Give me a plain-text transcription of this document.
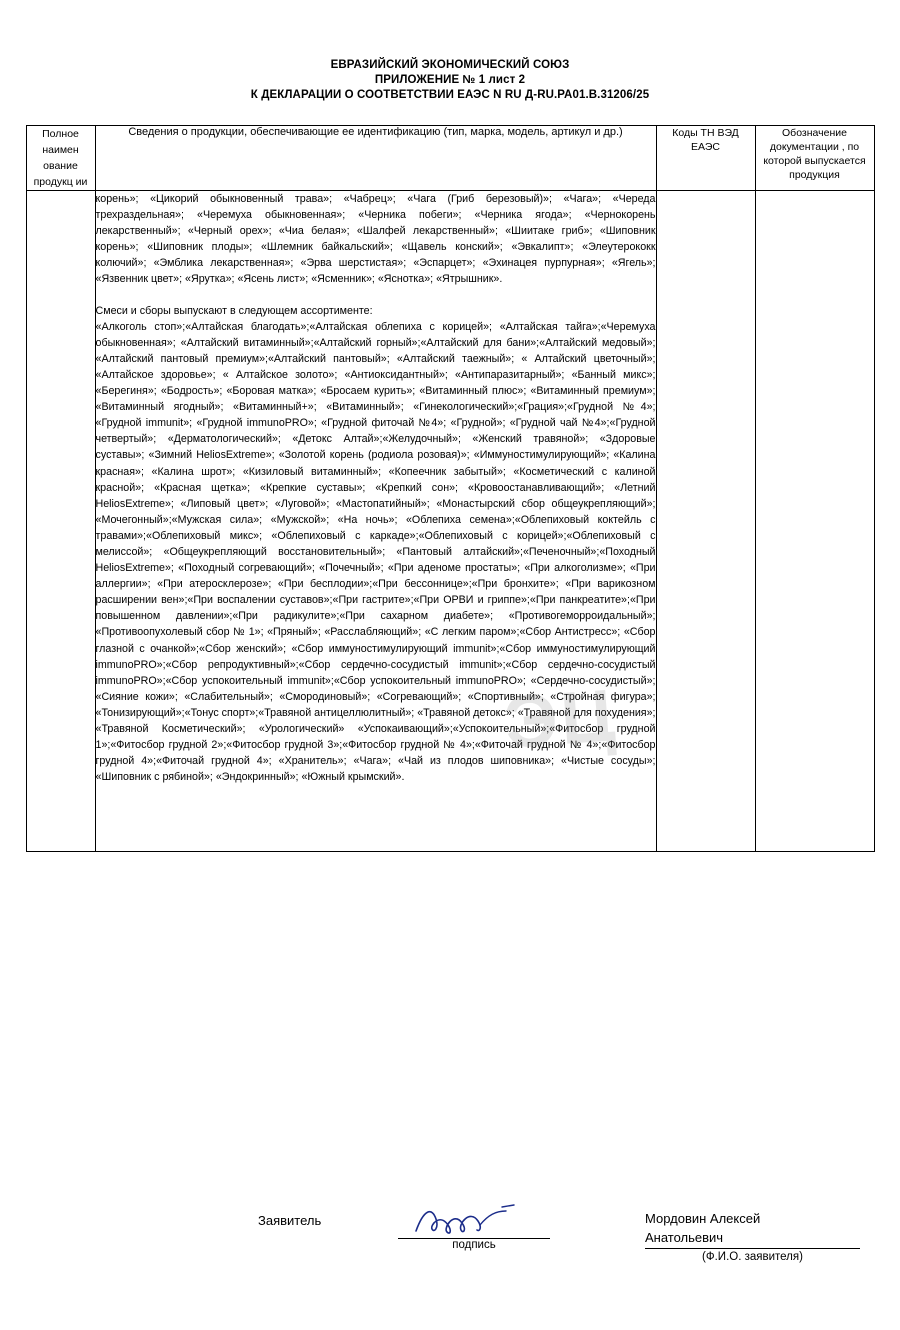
ЕВРАЗИЙСКИЙ ЭКОНОМИЧЕСКИЙ СОЮЗ
ПРИЛОЖЕНИЕ № 1 лист 2
К ДЕКЛАРАЦИИ О СООТВЕТСТВИИ ЕАЭС N RU Д-RU.РА01.В.31206/25
Полное наимен ование продукц ии	Сведения о продукции, обеспечивающие ее идентификацию (тип, марка, модель, артикул и др.)	Коды ТН ВЭД ЕАЭС	Обозначение документации , по которой выпускается продукция

	корень»; «Цикорий обыкновенный трава»; «Чабрец»; «Чага (Гриб березовый)»; «Чага»; «Череда трехраздельная»; «Черемуха обыкновенная»; «Черника побеги»; «Черника ягода»; «Чернокорень лекарственный»; «Черный орех»; «Чиа белая»; «Шалфей лекарственный»; «Шиитаке гриб»; «Шиповник корень»; «Шиповник плоды»; «Шлемник байкальский»; «Щавель конский»; «Эвкалипт»; «Элеутерококк колючий»; «Эмблика лекарственная»; «Эрва шерстистая»; «Эспарцет»; «Эхинацея пурпурная»; «Ягель»; «Язвенник цвет»; «Ярутка»; «Ясень лист»; «Ясменник»; «Яснотка»; «Ятрышник».

Смеси и сборы выпускают в следующем ассортименте:

«Алкоголь стоп»;«Алтайская благодать»;«Алтайская облепиха с корицей»; «Алтайская тайга»;«Черемуха обыкновенная»; «Алтайский витаминный»;«Алтайский горный»;«Алтайский для бани»;«Алтайский медовый»; «Алтайский пантовый премиум»;«Алтайский пантовый»; «Алтайский таежный»; « Алтайский цветочный»; «Алтайское здоровье»; « Алтайское золото»; «Антиоксидантный»; «Антипаразитарный»; «Банный микс»; «Берегиня»; «Бодрость»; «Боровая матка»; «Бросаем курить»; «Витаминный плюс»; «Витаминный премиум»; «Витаминный ягодный»; «Витаминный+»; «Витаминный»; «Гинекологический»;«Грация»;«Грудной №4»; «Грудной immunit»; «Грудной immunoPRO»; «Грудной фиточай №4»; «Грудной»; «Грудной чай №4»;«Грудной четвертый»; «Дерматологический»; «Детокс Алтай»;«Желудочный»; «Женский травяной»; «Здоровые суставы»; «Зимний HeliosExtreme»; «Золотой корень (родиола розовая)»; «Иммуностимулирующий»; «Калина красная»; «Калина шрот»; «Кизиловый витаминный»; «Копеечник забытый»; «Косметический с калиной красной»; «Красная щетка»; «Крепкие суставы»; «Крепкий сон»; «Кровоостанавливающий»; «Летний HeliosExtreme»; «Липовый цвет»; «Луговой»; «Мастопатийный»; «Монастырский сбор общеукрепляющий»; «Мочегонный»;«Мужская сила»; «Мужской»; «На ночь»; «Облепиха семена»;«Облепиховый коктейль с травами»;«Облепиховый микс»; «Облепиховый с каркаде»;«Облепиховый с корицей»;«Облепиховый с мелиссой»; «Общеукрепляющий восстановительный»; «Пантовый алтайский»;«Печеночный»;«Походный HeliosExtreme»; «Походный согревающий»; «Почечный»; «При аденоме простаты»; «При алкоголизме»; «При аллергии»; «При атеросклерозе»; «При бесплодии»;«При бессоннице»;«При бронхите»; «При варикозном расширении вен»;«При воспалении суставов»;«При гастрите»;«При ОРВИ и гриппе»;«При панкреатите»;«При повышенном давлении»;«При радикулите»;«При сахарном диабете»; «Противогеморроидальный»; «Противоопухолевый сбор № 1»; «Пряный»; «Расслабляющий»; «С легким паром»;«Сбор Антистресс»; «Сбор глазной с очанкой»;«Сбор женский»; «Сбор иммуностимулирующий immunit»;«Сбор иммуностимулирующий immunoPRO»;«Сбор репродуктивный»;«Сбор сердечно-сосудистый immunit»;«Сбор сердечно-сосудистый immunoPRO»;«Сбор успокоительный immunit»;«Сбор успокоительный immunoPRO»; «Сердечно-сосудистый»; «Сияние кожи»; «Слабительный»; «Смородиновый»; «Согревающий»; «Спортивный»; «Стройная фигура»; «Тонизирующий»;«Тонус спорт»;«Травяной антицеллюлитный»; «Травяной детокс»; «Травяной для похудения»; «Травяной Косметический»; «Урологический» «Успокаивающий»;«Успокоительный»;«Фитосбор грудной 1»;«Фитосбор грудной 2»;«Фитосбор грудной 3»;«Фитосбор грудной № 4»;«Фиточай грудной № 4»;«Фитосбор грудной 4»;«Фиточай грудной 4»; «Хранитель»; «Чага»; «Чай из плодов шиповника»; «Чистые сосуды»; «Шиповник с рябиной»; «Эндокринный»; «Южный крымский».

ЭЦ		

Заявитель
подпись
Мордовин Алексей
Анатольевич
(Ф.И.О. заявителя)
